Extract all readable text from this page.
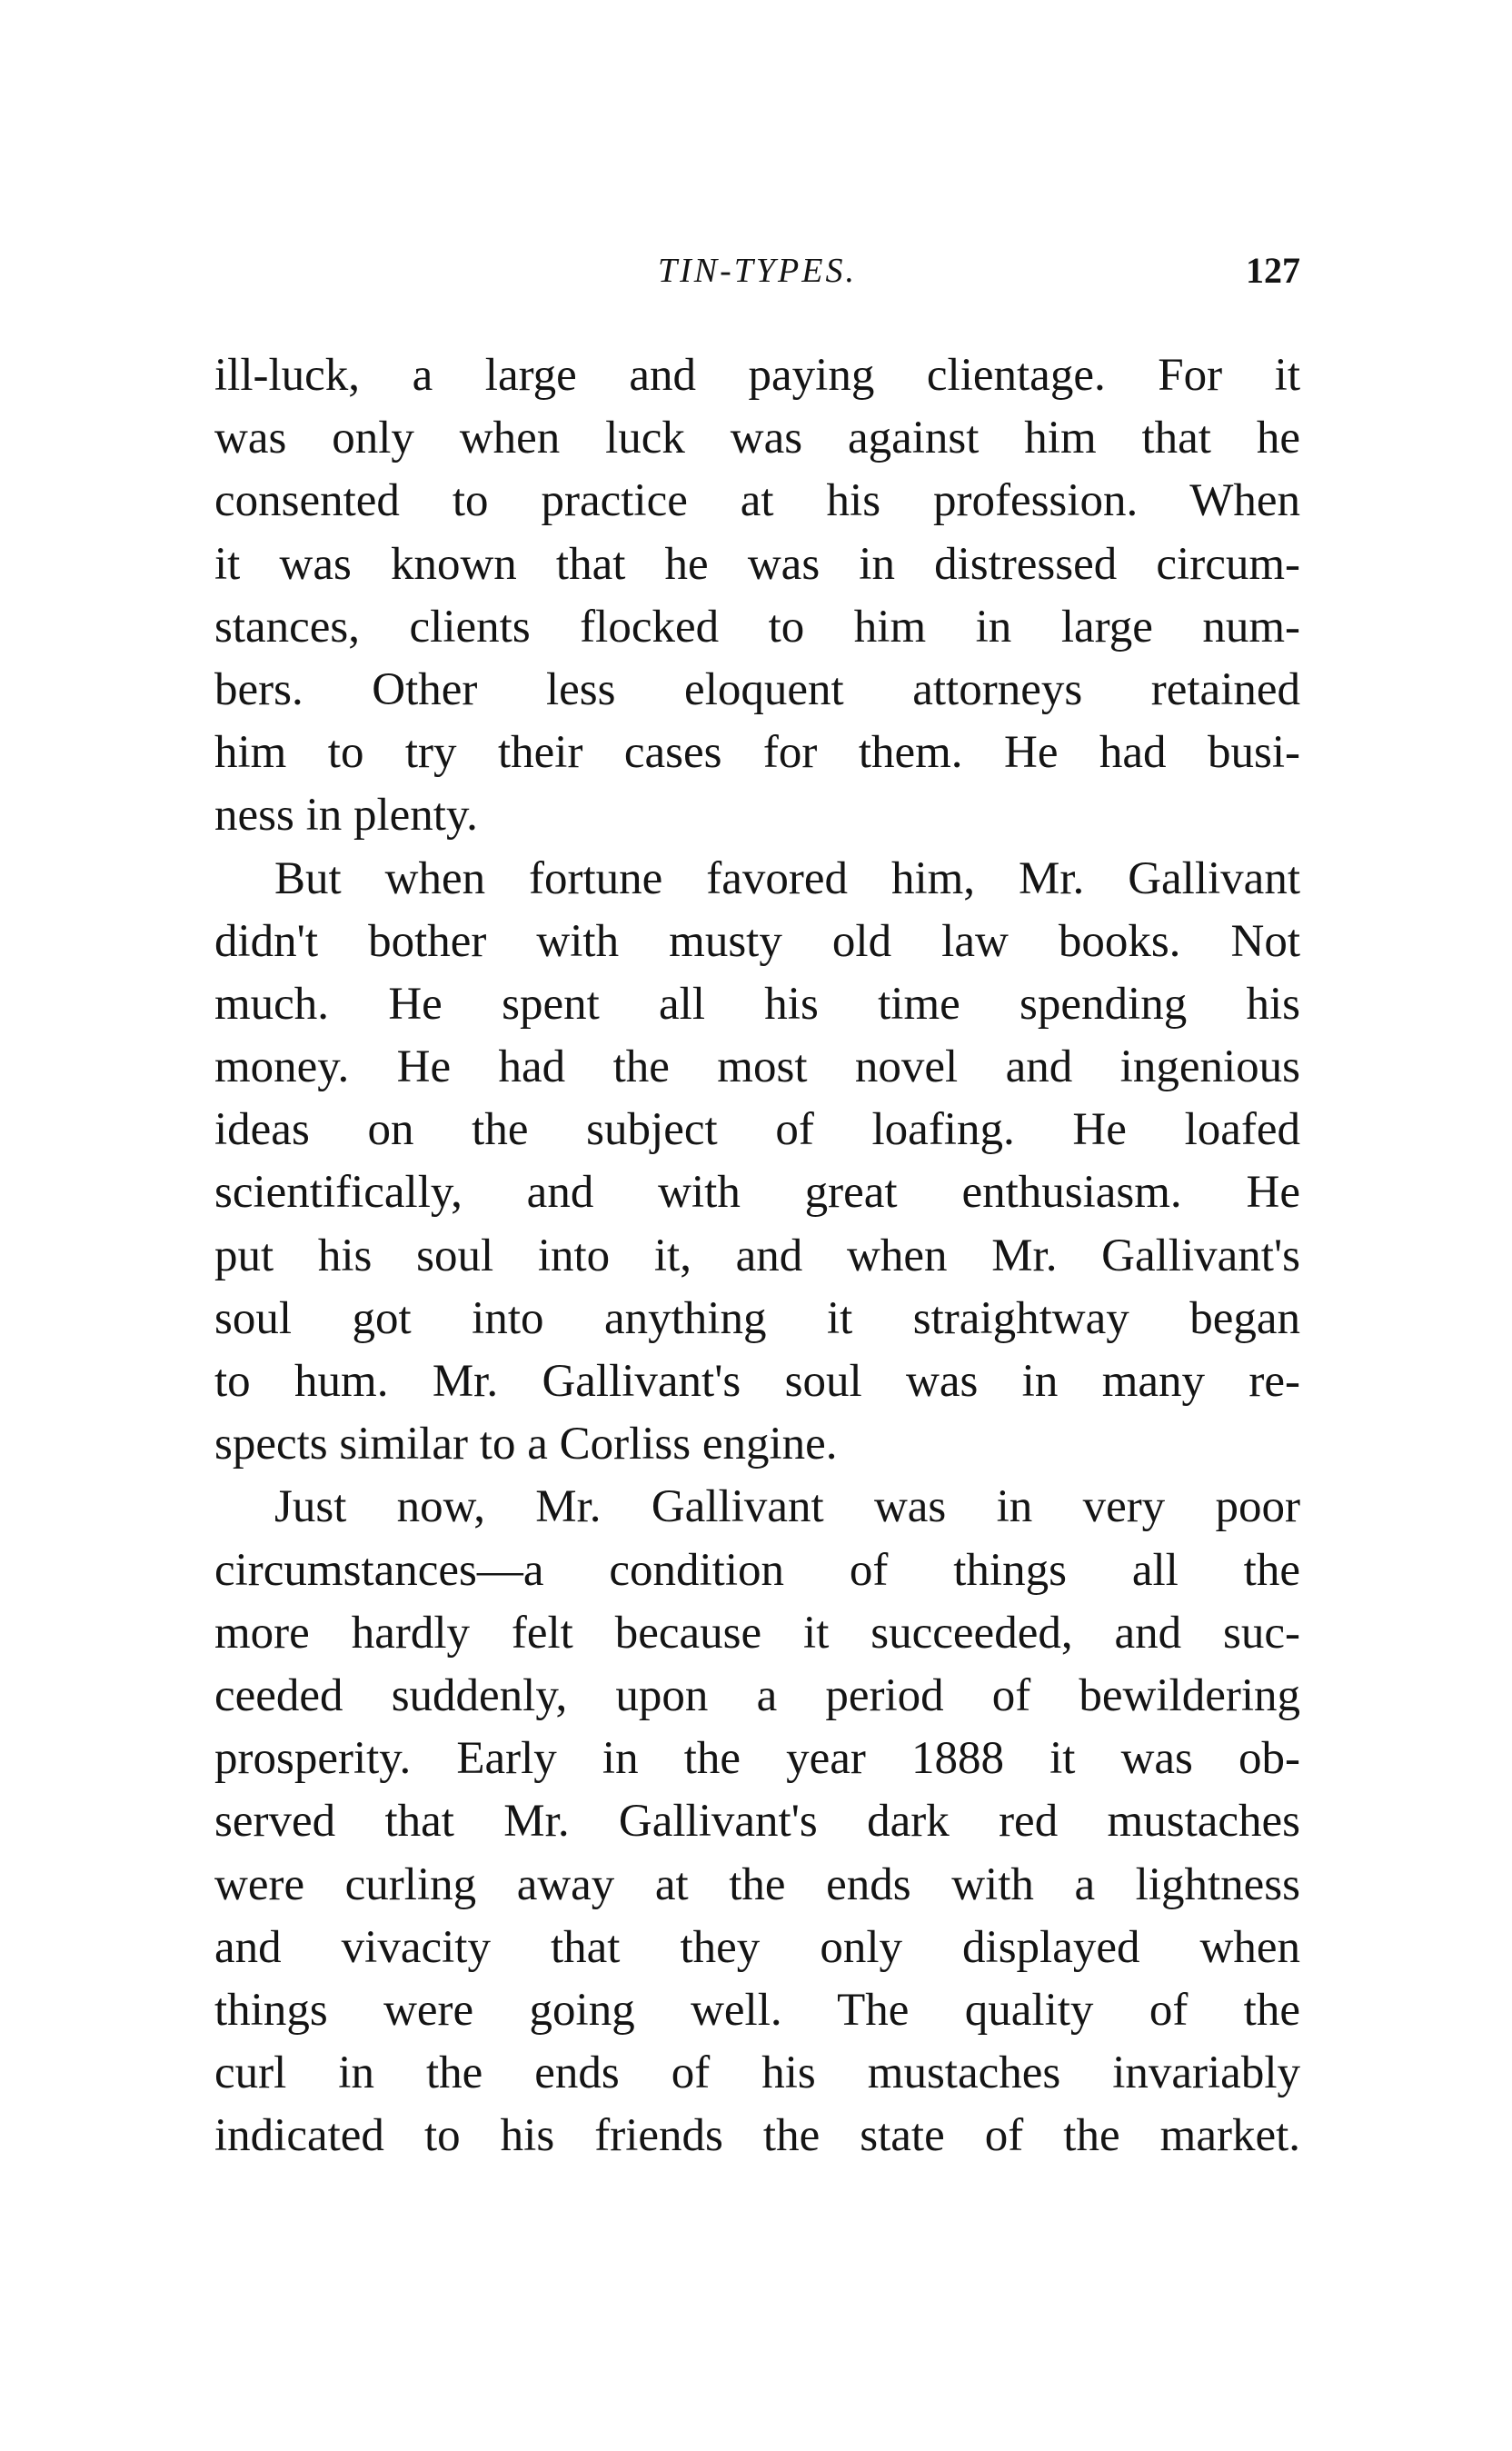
TIN-TYPES.	127
ill-luck, a large and paying clientage. For it
was only when luck was against him that he
consented to practice at his profession. When
it was known that he was in distressed circum-
stances, clients flocked to him in large num-
bers. Other less eloquent attorneys retained
him to try their cases for them. He had busi-
ness in plenty.
But when fortune favored him, Mr. Gallivant
didn't bother with musty old law books. Not
much. He spent all his time spending his
money. He had the most novel and ingenious
ideas on the subject of loafing. He loafed
scientifically, and with great enthusiasm. He
put his soul into it, and when Mr. Gallivant's
soul got into anything it straightway began
to hum. Mr. Gallivant's soul was in many re-
spects similar to a Corliss engine.
Just now, Mr. Gallivant was in very poor
circumstances—a condition of things all the
more hardly felt because it succeeded, and suc-
ceeded suddenly, upon a period of bewildering
prosperity. Early in the year 1888 it was ob-
served that Mr. Gallivant's dark red mustaches
were curling away at the ends with a lightness
and vivacity that they only displayed when
things were going well. The quality of the
curl in the ends of his mustaches invariably
indicated to his friends the state of the market.
